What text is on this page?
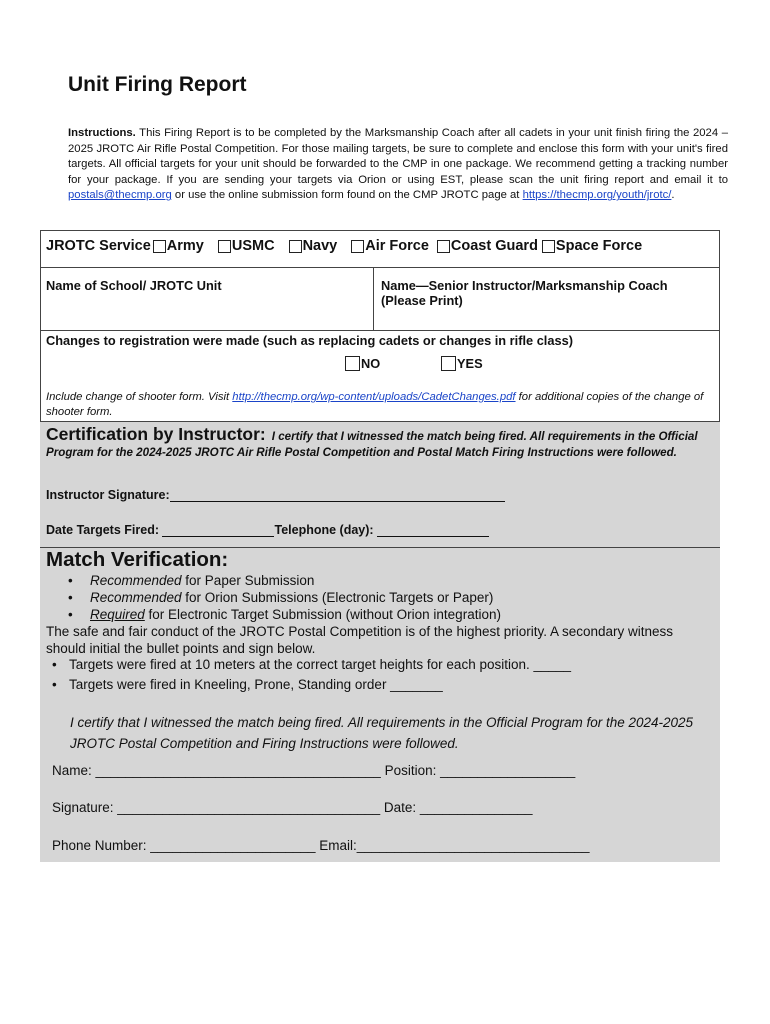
Unit Firing Report
Instructions. This Firing Report is to be completed by the Marksmanship Coach after all cadets in your unit finish firing the 2024 – 2025 JROTC Air Rifle Postal Competition. For those mailing targets, be sure to complete and enclose this form with your unit's fired targets. All official targets for your unit should be forwarded to the CMP in one package. We recommend getting a tracking number for your package. If you are sending your targets via Orion or using EST, please scan the unit firing report and email it to postals@thecmp.org or use the online submission form found on the CMP JROTC page at https://thecmp.org/youth/jrotc/.
JROTC Service Army USMC Navy Air Force Coast Guard Space Force
Name of School/ JROTC Unit	Name—Senior Instructor/Marksmanship Coach
(Please Print)
Changes to registration were made (such as replacing cadets or changes in rifle class)
NO	YES
Include change of shooter form. Visit http://thecmp.org/wp-content/uploads/CadetChanges.pdf for additional copies of the change of shooter form.
Certification by Instructor: I certify that I witnessed the match being fired. All requirements in the Official Program for the 2024-2025 JROTC Air Rifle Postal Competition and Postal Match Firing Instructions were followed.
Instructor Signature:
Date Targets Fired:	Telephone (day):
Match Verification:
• Recommended for Paper Submission
• Recommended for Orion Submissions (Electronic Targets or Paper)
• Required for Electronic Target Submission (without Orion integration)
The safe and fair conduct of the JROTC Postal Competition is of the highest priority. A secondary witness should initial the bullet points and sign below.
• Targets were fired at 10 meters at the correct target heights for each position. _____
• Targets were fired in Kneeling, Prone, Standing order _______
I certify that I witnessed the match being fired. All requirements in the Official Program for the 2024-2025 JROTC Postal Competition and Firing Instructions were followed.
Name: ______________________________________ Position: __________________
Signature: ___________________________________ Date: _______________
Phone Number: ______________________ Email:_______________________________
